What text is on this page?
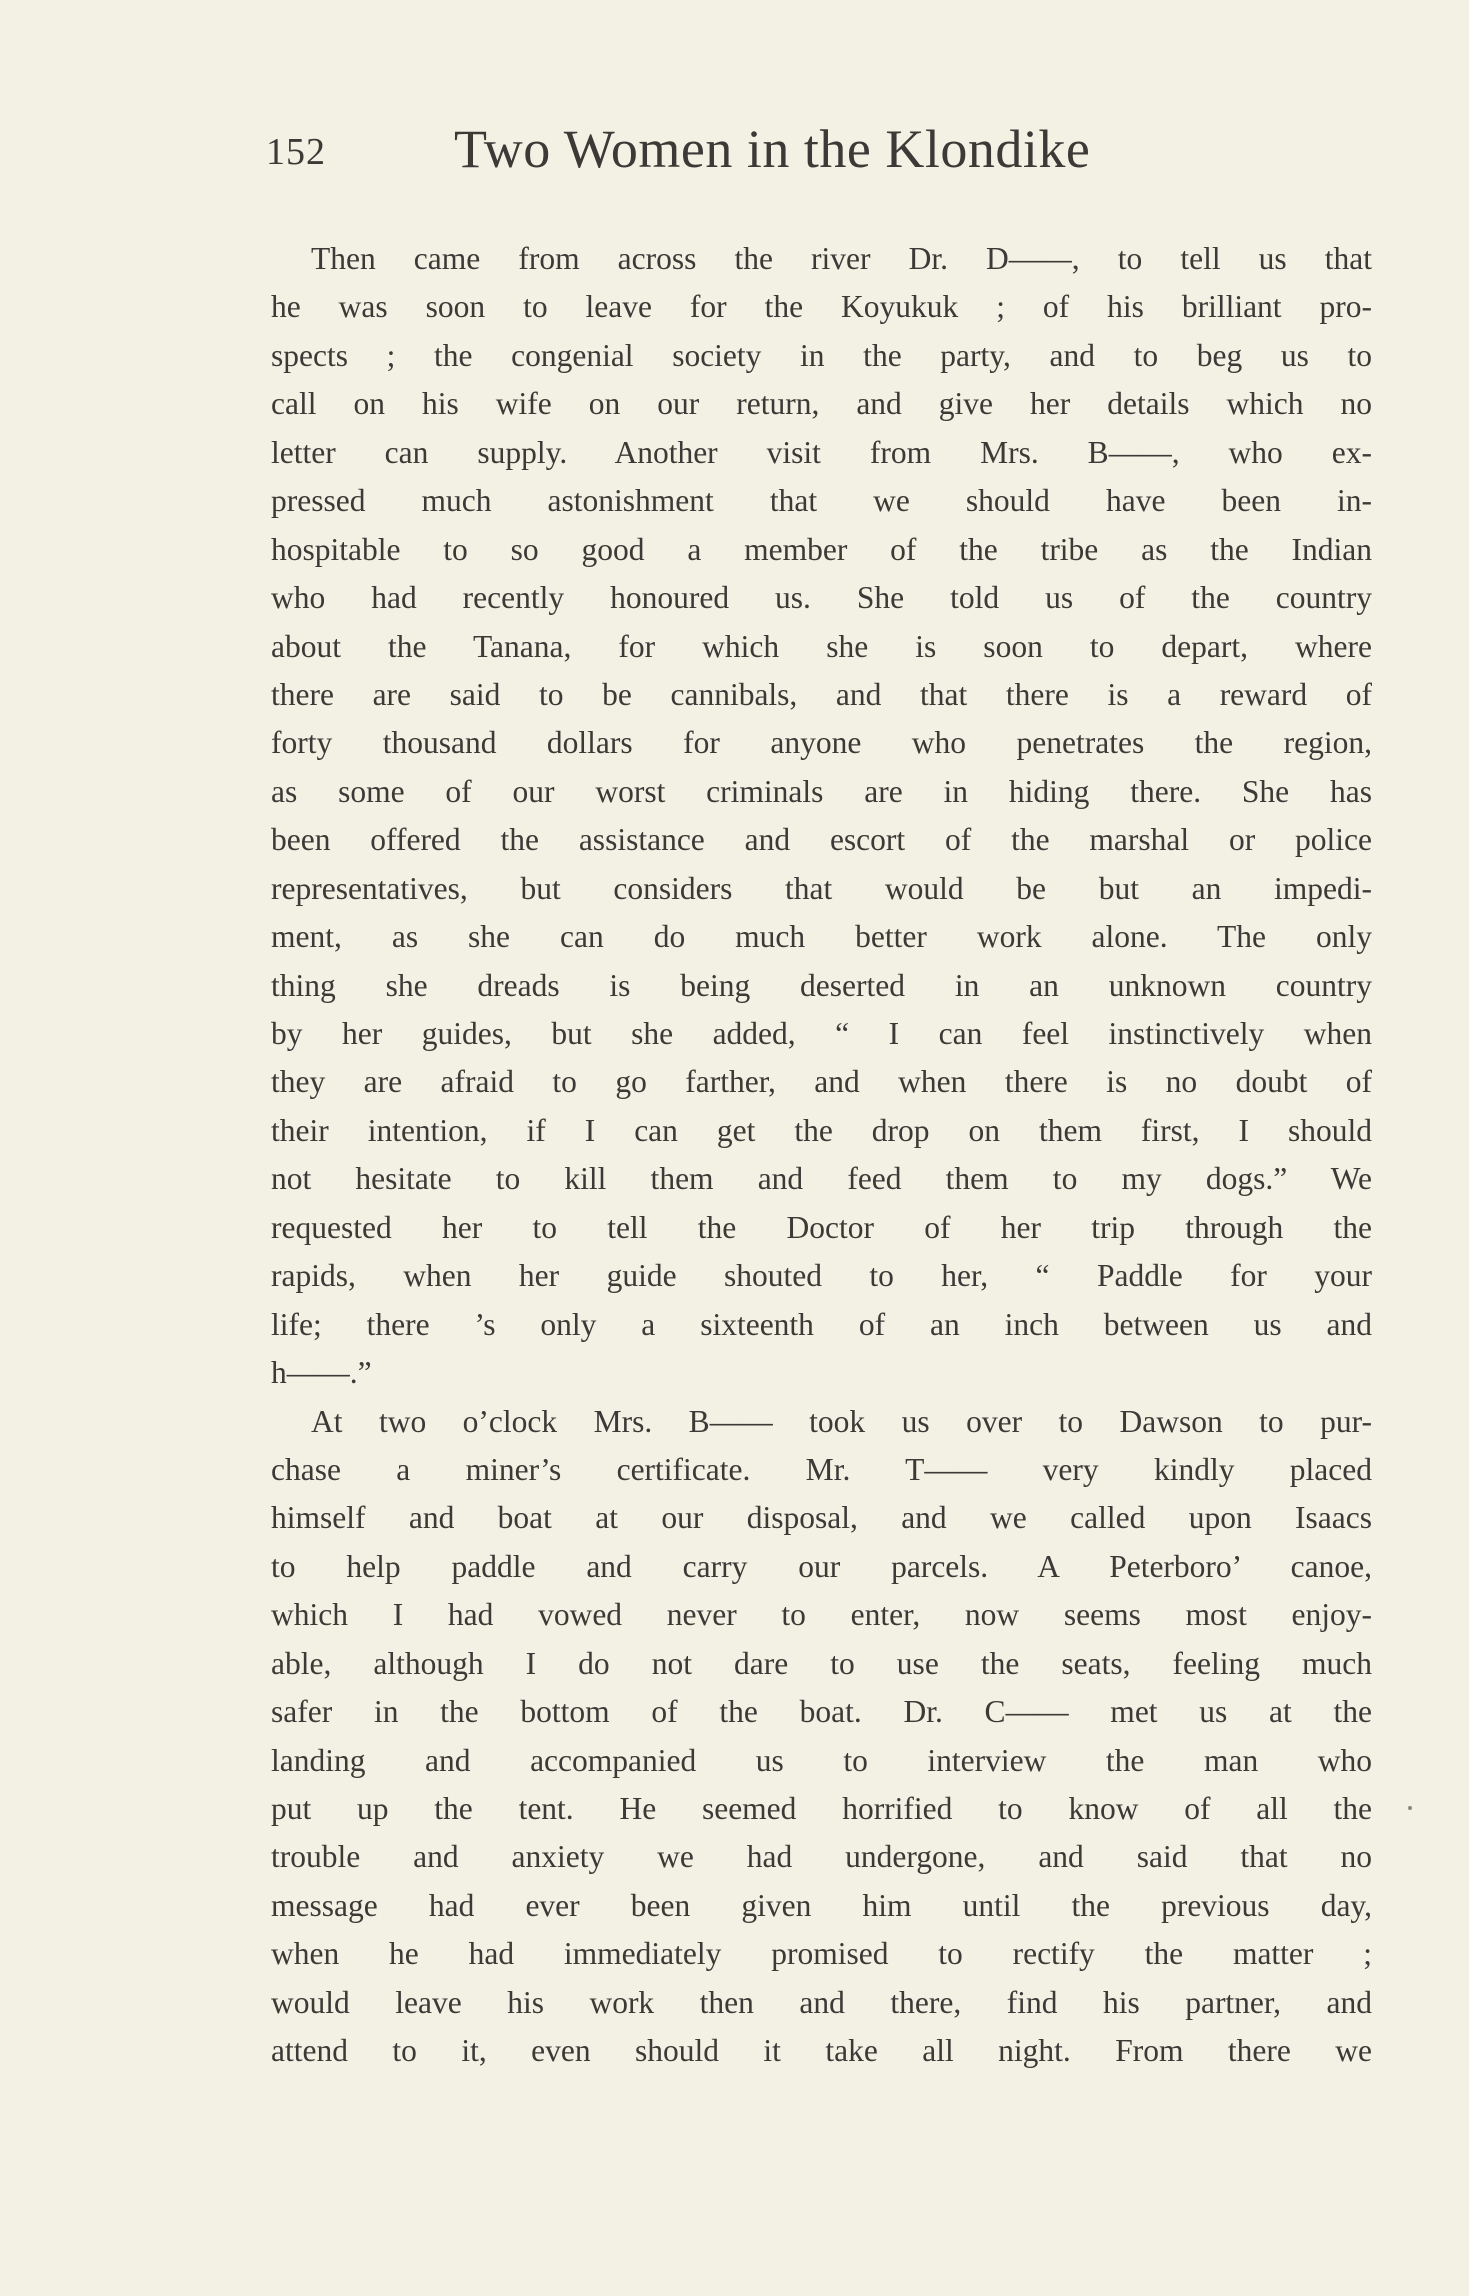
152 Two Women in the Klondike
Then came from across the river Dr. D——, to tell us that
he was soon to leave for the Koyukuk ; of his brilliant pro-
spects ; the congenial society in the party, and to beg us to
call on his wife on our return, and give her details which no
letter can supply. Another visit from Mrs. B——, who ex-
pressed much astonishment that we should have been in-
hospitable to so good a member of the tribe as the Indian
who had recently honoured us. She told us of the country
about the Tanana, for which she is soon to depart, where
there are said to be cannibals, and that there is a reward of
forty thousand dollars for anyone who penetrates the region,
as some of our worst criminals are in hiding there. She has
been offered the assistance and escort of the marshal or police
representatives, but considers that would be but an impedi-
ment, as she can do much better work alone. The only
thing she dreads is being deserted in an unknown country
by her guides, but she added, “ I can feel instinctively when
they are afraid to go farther, and when there is no doubt of
their intention, if I can get the drop on them first, I should
not hesitate to kill them and feed them to my dogs.” We
requested her to tell the Doctor of her trip through the
rapids, when her guide shouted to her, “ Paddle for your
life; there ’s only a sixteenth of an inch between us and
h——.”
At two o’clock Mrs. B—— took us over to Dawson to pur-
chase a miner’s certificate. Mr. T—— very kindly placed
himself and boat at our disposal, and we called upon Isaacs
to help paddle and carry our parcels. A Peterboro’ canoe,
which I had vowed never to enter, now seems most enjoy-
able, although I do not dare to use the seats, feeling much
safer in the bottom of the boat. Dr. C—— met us at the
landing and accompanied us to interview the man who
put up the tent. He seemed horrified to know of all the
trouble and anxiety we had undergone, and said that no
message had ever been given him until the previous day,
when he had immediately promised to rectify the matter ;
would leave his work then and there, find his partner, and
attend to it, even should it take all night. From there we
